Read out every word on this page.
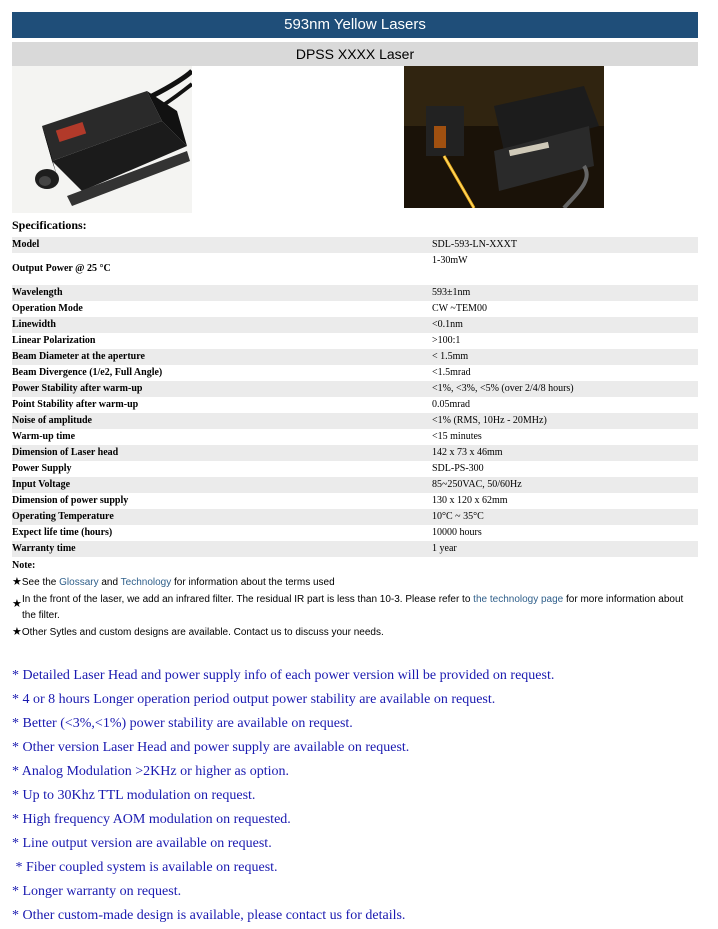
593nm Yellow Lasers
DPSS XXXX Laser
Specifications:
Model	SDL-593-LN-XXXT
Output Power @ 25 °C	1-30mW
Wavelength	593±1nm
Operation Mode	CW ~TEM00
Linewidth	<0.1nm
Linear Polarization	>100:1
Beam Diameter at the aperture	< 1.5mm
Beam Divergence (1/e2, Full Angle)	<1.5mrad
Power Stability after warm-up	<1%, <3%, <5% (over 2/4/8 hours)
Point Stability after warm-up	0.05mrad
Noise of amplitude	<1% (RMS, 10Hz - 20MHz)
Warm-up time	<15 minutes
Dimension of Laser head	142 x 73 x 46mm
Power Supply	SDL-PS-300
Input Voltage	85~250VAC, 50/60Hz
Dimension of power supply	130 x 120 x 62mm
Operating Temperature	10°C ~ 35°C
Expect life time (hours)	10000 hours
Warranty time	1 year
Note:
★See the Glossary and Technology for information about the terms used
★ In the front of the laser, we add an infrared filter. The residual IR part is less than 10-3. Please refer to the technology page for more information about
the filter.
★Other Sytles and custom designs are available. Contact us to discuss your needs.
* Detailed Laser Head and power supply info of each power version will be provided on request.
* 4 or 8 hours Longer operation period output power stability are available on request.
* Better (<3%,<1%) power stability are available on request.
* Other version Laser Head and power supply are available on request.
* Analog Modulation >2KHz or higher as option.
* Up to 30Khz TTL modulation on request.
* High frequency AOM modulation on requested.
* Line output version are available on request.
* Fiber coupled system is available on request.
* Longer warranty on request.
* Other custom-made design is available, please contact us for details.
